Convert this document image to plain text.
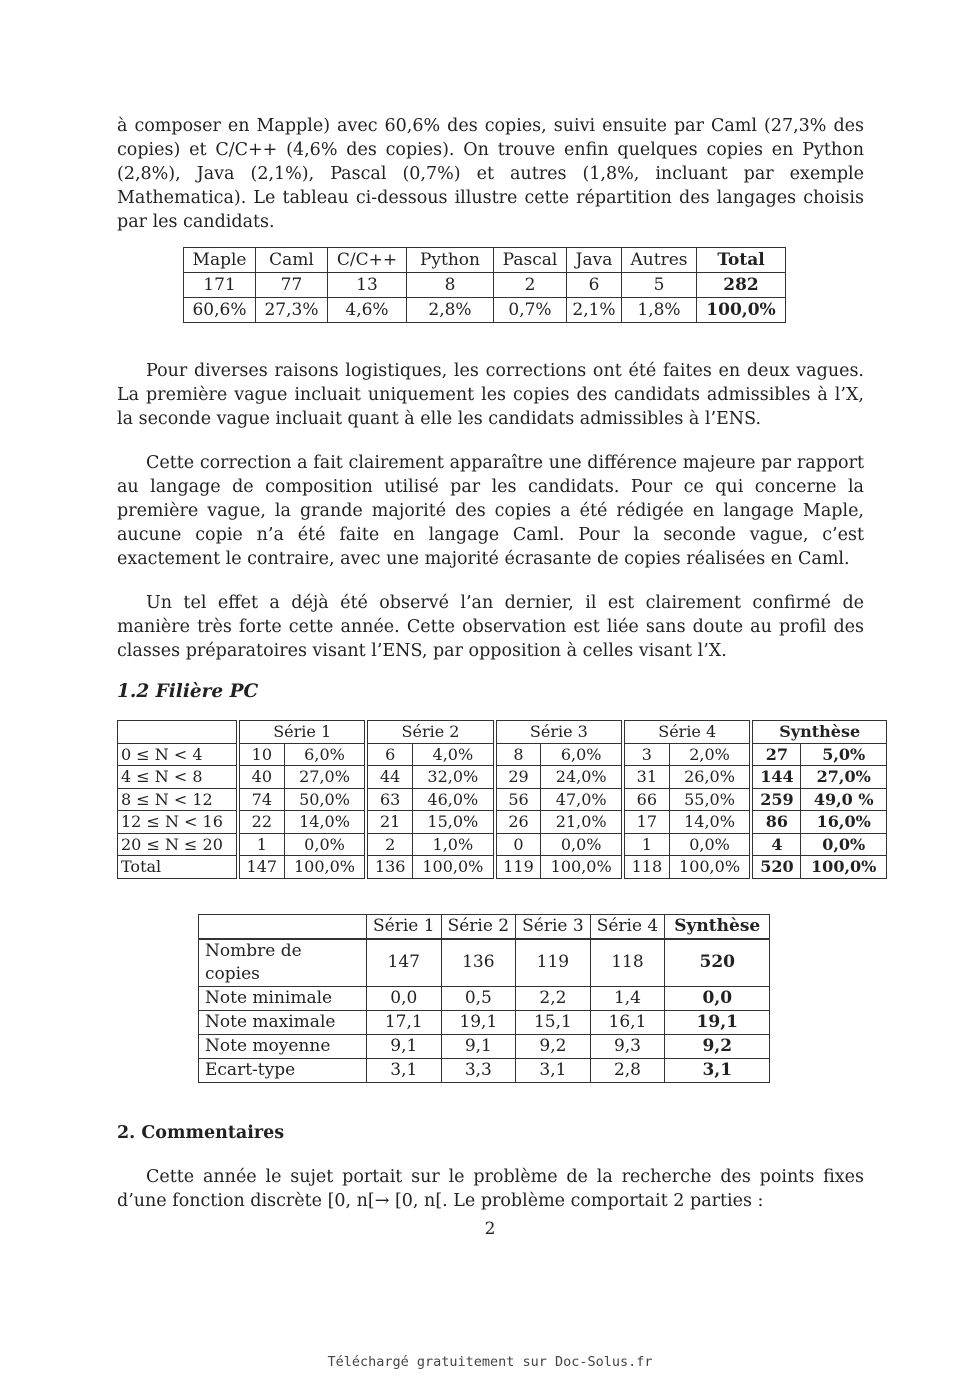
à composer en Mapple) avec 60,6% des copies, suivi ensuite par Caml (27,3% des copies) et C/C++ (4,6% des copies). On trouve enfin quelques copies en Python (2,8%), Java (2,1%), Pascal (0,7%) et autres (1,8%, incluant par exemple Mathematica). Le tableau ci-dessous illustre cette répartition des langages choisis par les candidats.

Maple	Caml	C/C++	Python	Pascal	Java	Autres	Total
171	77	13	8	2	6	5	282
60,6%	27,3%	4,6%	2,8%	0,7%	2,1%	1,8%	100,0%

Pour diverses raisons logistiques, les corrections ont été faites en deux vagues. La première vague incluait uniquement les copies des candidats admissibles à l’X, la seconde vague incluait quant à elle les candidats admissibles à l’ENS.

Cette correction a fait clairement apparaître une différence majeure par rapport au langage de composition utilisé par les candidats. Pour ce qui concerne la première vague, la grande majorité des copies a été rédigée en langage Maple, aucune copie n’a été faite en langage Caml. Pour la seconde vague, c’est exactement le contraire, avec une majorité écrasante de copies réalisées en Caml.

Un tel effet a déjà été observé l’an dernier, il est clairement confirmé de manière très forte cette année. Cette observation est liée sans doute au profil des classes préparatoires visant l’ENS, par opposition à celles visant l’X.

1.2 Filière PC
	Série 1		Série 2		Série 3		Série 4		Synthèse	
0 ≤ N < 4	10	6,0%	6	4,0%	8	6,0%	3	2,0%	27	5,0%
4 ≤ N < 8	40	27,0%	44	32,0%	29	24,0%	31	26,0%	144	27,0%
8 ≤ N < 12	74	50,0%	63	46,0%	56	47,0%	66	55,0%	259	49,0 %
12 ≤ N < 16	22	14,0%	21	15,0%	26	21,0%	17	14,0%	86	16,0%
20 ≤ N ≤ 20	1	0,0%	2	1,0%	0	0,0%	1	0,0%	4	0,0%
Total	147	100,0%	136	100,0%	119	100,0%	118	100,0%	520	100,0%
	Série 1	Série 2	Série 3	Série 4	Synthèse
Nombre de copies	147	136	119	118	520
Note minimale	0,0	0,5	2,2	1,4	0,0
Note maximale	17,1	19,1	15,1	16,1	19,1
Note moyenne	9,1	9,1	9,2	9,3	9,2
Ecart-type	3,1	3,3	3,1	2,8	3,1
2. Commentaires

Cette année le sujet portait sur le problème de la recherche des points fixes d’une fonction discrète [0, n[→ [0, n[. Le problème comportait 2 parties :

2
Téléchargé gratuitement sur Doc-Solus.fr
